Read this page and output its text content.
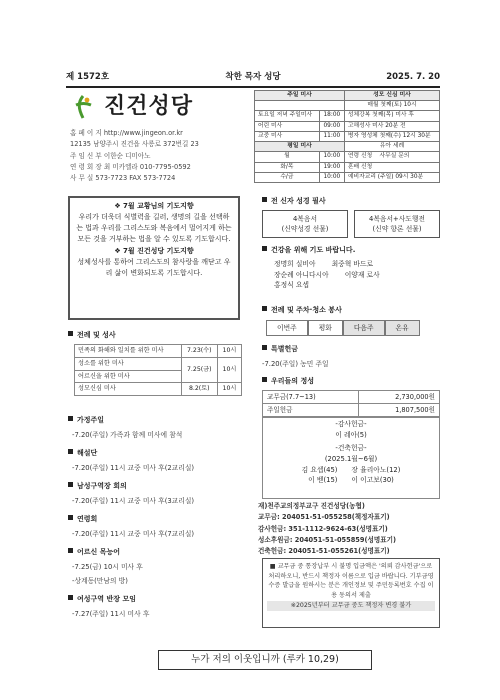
제 1572호	착한 목자 성당	2025. 7. 20
진건성당
홈 페 이 지 http://www.jingeon.or.kr
12135 남양주시 진건읍 사릉로 372번길 23
주 임 신 부 이한순 디미아노
연 령 회 장 최 미카엘라 010-7795-0592
사 무 실 573-7723 FAX 573-7724
주일 미사		성모 신심 미사
		매월 첫째(토) 10시
토요일 저녁 주일미사	18:00	성체강복 첫째(목) 미사 후
어린 미사	09:00	고해성사 미사 20분 전
교중 미사	11:00	병자 영성체 첫째(수) 12시 30분
평일 미사		유아 세례
월	10:00	연령 신청 사무실 문의
화/목	19:00	혼배 신청
수/금	10:00	예비자교리 (주일) 09시 30분
❖ 7월 교황님의 기도지향
우리가 더욱더 식별력을 길러, 생명의 길을 선택하는 법과 우리를 그리스도와 복음에서 멀어지게 하는 모든 것을 거부하는 법을 알 수 있도록 기도합시다.
❖ 7월 진건성당 기도지향
성체성사를 통하여 그리스도의 참사랑을 깨닫고 우리 삶이 변화되도록 기도합시다.
전례 및 성사
민족의 화해와 일치를 위한 미사	7.23(수)	10시
성소를 위한 미사	7.25(금)	10시
어르신을 위한 미사		
성모신심 미사	8.2(토)	10시
가정주일
-7.20(주일) 가족과 함께 미사에 참석
해설단
-7.20(주일) 11시 교중 미사 후(2교리실)
남성구역장 회의
-7.20(주일) 11시 교중 미사 후(3교리실)
연령회
-7.20(주일) 11시 교중 미사 후(7교리실)
어르신 목능어
-7.25(금) 10시 미사 후
-상계동(만남의 방)
여성구역 반장 모임
-7.27(주일) 11시 미사 후
전 신자 성경 필사
4복음서
(신약성경 선물)
4복음서+사도행전
(신약 향론 선물)
건강을 위해 기도 바랍니다.
정명희 실비아 최중혁 바드로
장순례 아니다시아 이양재 로사
홍정식 요셉
전례 및 주차·청소 봉사
이번주	평화	다음주	온유
특별헌금
-7.20(주일) 농민 주일
우리들의 정성
교무금(7.7~13)	2,730,000원
주일헌금	1,807,500원
-감사헌금-
이 레아(5)
-건축헌금-
(2025.1월~6월)
김 요셉(45) 장 율리아노(12)
이 벧(15) 이 이고보(30)
재)천주교의정부교구 진건성당(농협)
교무금: 204051-51-055258(책정자표기)
감사헌금: 351-1112-9624-63(성명표기)
성소후원금: 204051-51-055859(성명표기)
건축헌금: 204051-51-055261(성명표기)
■ 교무금 중 통장납부 시 불명 입금액은 '의뢰 감사헌금'으로 처리하오니, 반드시 책정자 이름으로 입금 바랍니다. 기부금영수증 발급을 원하시는 분은 개인정보 및 주민등록번호 수집 이용 동의서 제출
※2025년부터 교무금 중도 책정자 변경 불가
누가 저의 이웃입니까 (루카 10,29)
